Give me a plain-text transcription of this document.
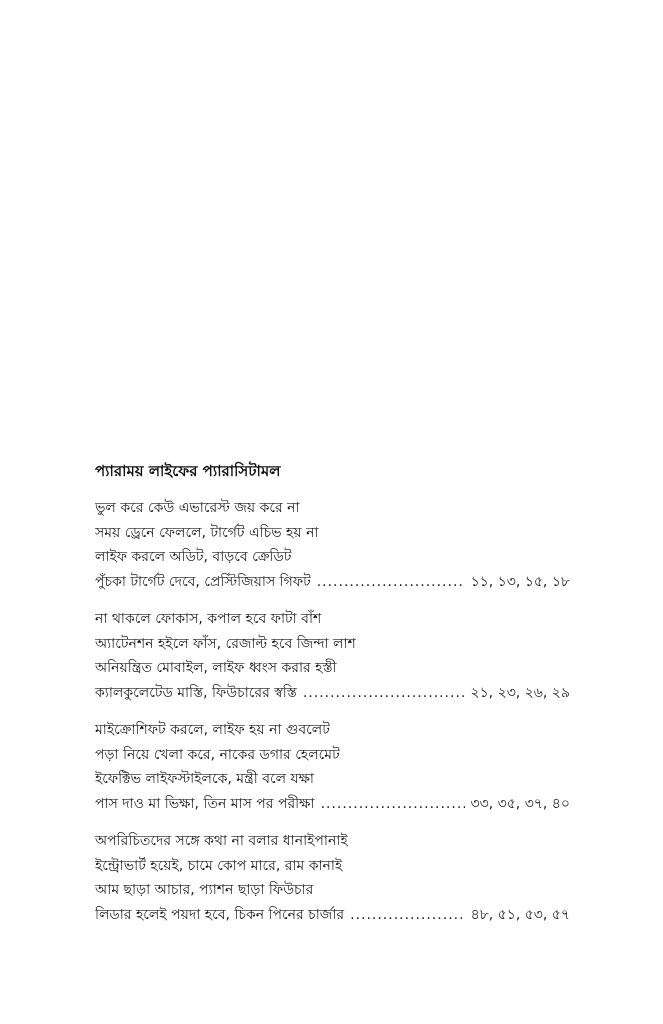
প্যারাময় লাইফের প্যারাসিটামল
ভুল করে কেউ এভারেস্ট জয় করে না
সময় ড্রেনে ফেললে, টার্গেট এচিভ হয় না
লাইফ করলে অডিট, বাড়বে ক্রেডিট
পুঁচকা টার্গেট দেবে, প্রেস্টিজিয়াস গিফট .....	১১, ১৩, ১৫, ১৮
না থাকলে ফোকাস, কপাল হবে ফাটা বাঁশ
অ্যাটেনশন হইলে ফাঁস, রেজাল্ট হবে জিন্দা লাশ
অনিয়ন্ত্রিত মোবাইল, লাইফ ধ্বংস করার হস্তী
ক্যালকুলেটেড মাস্তি, ফিউচারের স্বস্তি .....	২১, ২৩, ২৬, ২৯
মাইক্রোশিফট করলে, লাইফ হয় না গুবলেট
পড়া নিয়ে খেলা করে, নাকের ডগার হেলমেট
ইফেক্টিভ লাইফস্টাইলকে, মন্ত্রী বলে যক্ষা
পাস দাও মা ভিক্ষা, তিন মাস পর পরীক্ষা .....	৩৩, ৩৫, ৩৭, ৪০
অপরিচিতদের সঙ্গে কথা না বলার ধানাইপানাই
ইন্ট্রোভার্ট হয়েই, চামে কোপ মারে, রাম কানাই
আম ছাড়া আচার, প্যাশন ছাড়া ফিউচার
লিডার হলেই পয়দা হবে, চিকন পিনের চার্জার .....	৪৮, ৫১, ৫৩, ৫৭
